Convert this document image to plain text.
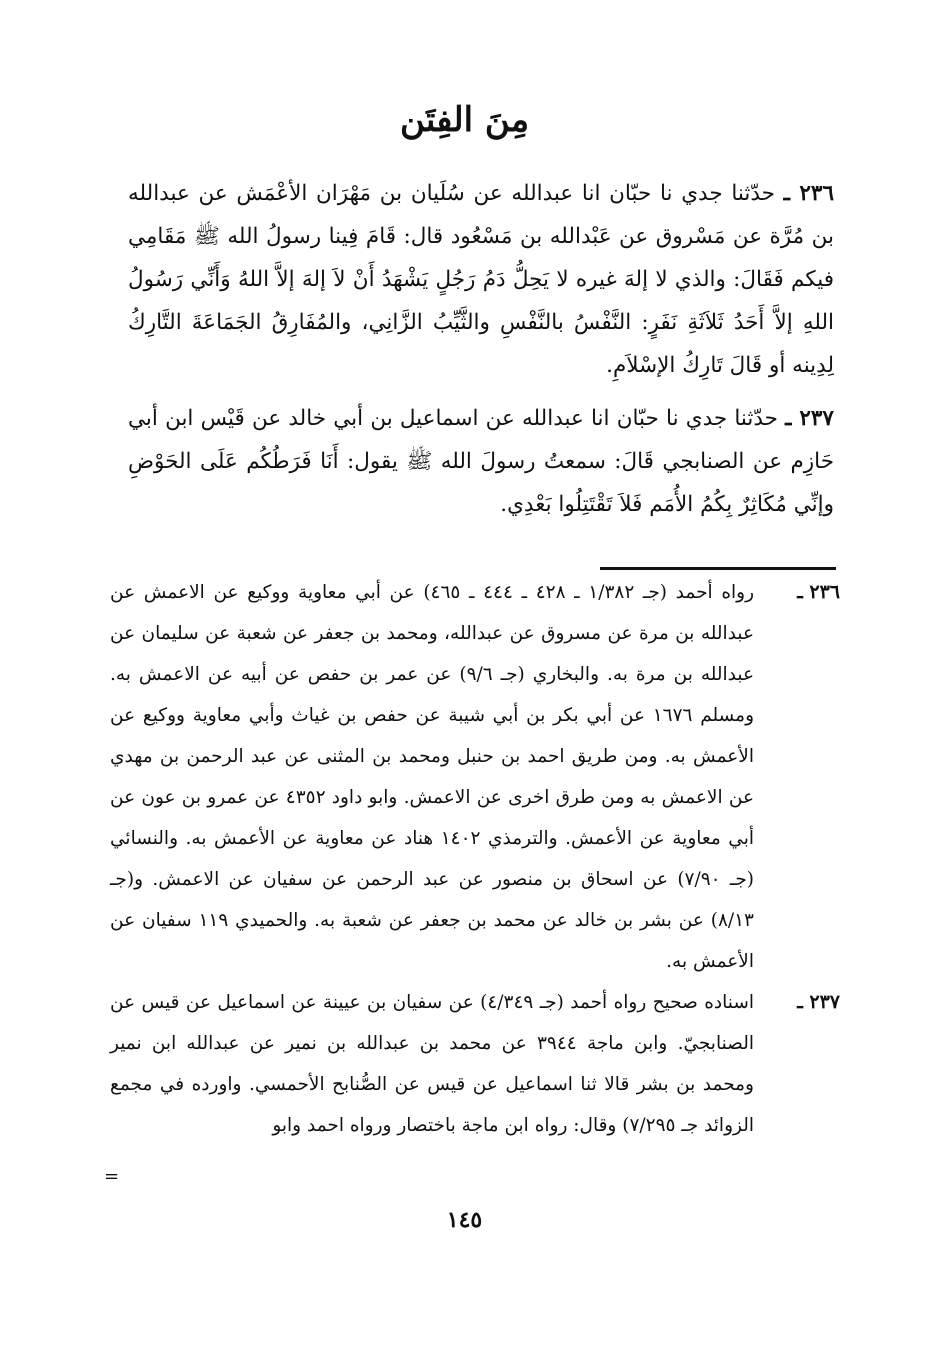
مِنَ الفِتَن

٢٣٦ ـ حدّثنا جدي نا حبّان انا عبدالله عن سُلَيان بن مَهْرَان الأعْمَش عن عبدالله بن مُرَّة عن مَسْروق عن عَبْدالله بن مَسْعُود قال: قَامَ فِينا رسولُ الله ﷺ مَقَامِي فيكم فَقَالَ: والذي لا إلهَ غيره لا يَحِلُّ دَمُ رَجُلٍ يَشْهَدُ أَنْ لاَ إلهَ إلاَّ اللهُ وَأَنِّي رَسُولُ اللهِ إلاَّ أَحَدُ ثَلاَثَةِ نَفَرٍ: النَّفْسُ بالنَّفْسِ والثَّيِّبُ الزَّانِي، والمُفَارِقُ الجَمَاعَةَ التَّارِكُ لِدِينه أو قَالَ تَارِكُ الإسْلاَمِ.

٢٣٧ ـ حدّثنا جدي نا حبّان انا عبدالله عن اسماعيل بن أبي خالد عن قَيْس ابن أبي حَازِم عن الصنابجي قَالَ: سمعتُ رسولَ الله ﷺ يقول: أَنَا فَرَطُكُم عَلَى الحَوْضِ وإنِّي مُكَاثِرٌ بِكُمُ الأُمَم فَلاَ تَقْتَتِلُوا بَعْدِي.

٢٣٦ ـ
رواه أحمد (جـ ١/٣٨٢ ـ ٤٢٨ ـ ٤٤٤ ـ ٤٦٥) عن أبي معاوية ووكيع عن الاعمش عن عبدالله بن مرة عن مسروق عن عبدالله، ومحمد بن جعفر عن شعبة عن سليمان عن عبدالله بن مرة به. والبخاري (جـ ٩/٦) عن عمر بن حفص عن أبيه عن الاعمش به. ومسلم ١٦٧٦ عن أبي بكر بن أبي شيبة عن حفص بن غياث وأبي معاوية ووكيع عن الأعمش به. ومن طريق احمد بن حنبل ومحمد بن المثنى عن عبد الرحمن بن مهدي عن الاعمش به ومن طرق اخرى عن الاعمش. وابو داود ٤٣٥٢ عن عمرو بن عون عن أبي معاوية عن الأعمش. والترمذي ١٤٠٢ هناد عن معاوية عن الأعمش به. والنسائي (جـ ٧/٩٠) عن اسحاق بن منصور عن عبد الرحمن عن سفيان عن الاعمش. و(جـ ٨/١٣) عن بشر بن خالد عن محمد بن جعفر عن شعبة به. والحميدي ١١٩ سفيان عن الأعمش به.
٢٣٧ ـ
اسناده صحيح رواه أحمد (جـ ٤/٣٤٩) عن سفيان بن عيينة عن اسماعيل عن قيس عن الصنابجيّ. وابن ماجة ٣٩٤٤ عن محمد بن عبدالله بن نمير عن عبدالله ابن نمير ومحمد بن بشر قالا ثنا اسماعيل عن قيس عن الصُّنابح الأحمسي. واورده في مجمع الزوائد جـ ٧/٢٩٥) وقال: رواه ابن ماجة باختصار ورواه احمد وابو
=
١٤٥
